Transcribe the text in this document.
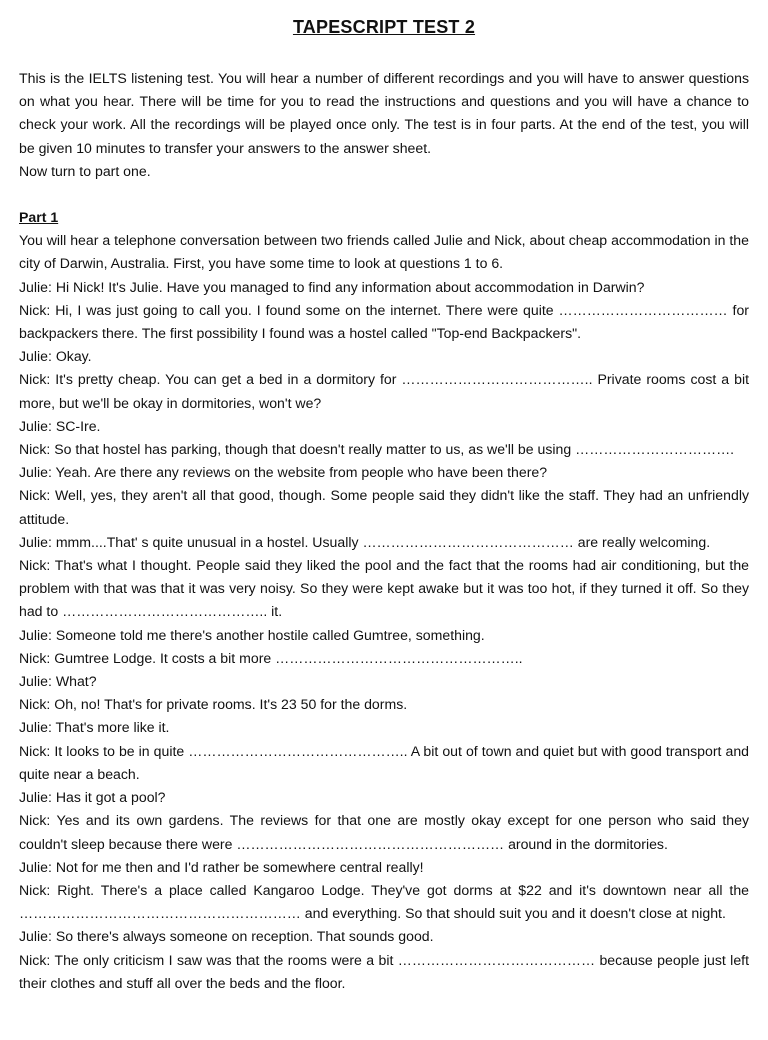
TAPESCRIPT TEST 2

This is the IELTS listening test. You will hear a number of different recordings and you will have to answer questions on what you hear. There will be time for you to read the instructions and questions and you will have a chance to check your work. All the recordings will be played once only. The test is in four parts. At the end of the test, you will be given 10 minutes to transfer your answers to the answer sheet.

Now turn to part one.

Part 1

You will hear a telephone conversation between two friends called Julie and Nick, about cheap accommodation in the city of Darwin, Australia. First, you have some time to look at questions 1 to 6.

Julie: Hi Nick! It's Julie. Have you managed to find any information about accommodation in Darwin?

Nick: Hi, I was just going to call you. I found some on the internet. There were quite ……………………………… for backpackers there. The first possibility I found was a hostel called "Top-end Backpackers".

Julie: Okay.

Nick: It's pretty cheap. You can get a bed in a dormitory for ………………………………….. Private rooms cost a bit more, but we'll be okay in dormitories, won't we?

Julie: SC-Ire.

Nick: So that hostel has parking, though that doesn't really matter to us, as we'll be using …………………………….

Julie: Yeah. Are there any reviews on the website from people who have been there?

Nick: Well, yes, they aren't all that good, though. Some people said they didn't like the staff. They had an unfriendly attitude.

Julie: mmm....That' s quite unusual in a hostel. Usually ……………………………………… are really welcoming.

Nick: That's what I thought. People said they liked the pool and the fact that the rooms had air conditioning, but the problem with that was that it was very noisy. So they were kept awake but it was too hot, if they turned it off. So they had to …………………………………….. it.

Julie: Someone told me there's another hostile called Gumtree, something.

Nick: Gumtree Lodge. It costs a bit more ……………………………………………..

Julie: What?

Nick: Oh, no! That's for private rooms. It's 23 50 for the dorms.

Julie: That's more like it.

Nick: It looks to be in quite ……………………………………….. A bit out of town and quiet but with good transport and quite near a beach.

Julie: Has it got a pool?

Nick: Yes and its own gardens. The reviews for that one are mostly okay except for one person who said they couldn't sleep because there were ………………………………………………… around in the dormitories.

Julie: Not for me then and I'd rather be somewhere central really!

Nick: Right. There's a place called Kangaroo Lodge. They've got dorms at $22 and it's downtown near all the …………………………………………………… and everything. So that should suit you and it doesn't close at night.

Julie: So there's always someone on reception. That sounds good.

Nick: The only criticism I saw was that the rooms were a bit …………………………………… because people just left their clothes and stuff all over the beds and the floor.
